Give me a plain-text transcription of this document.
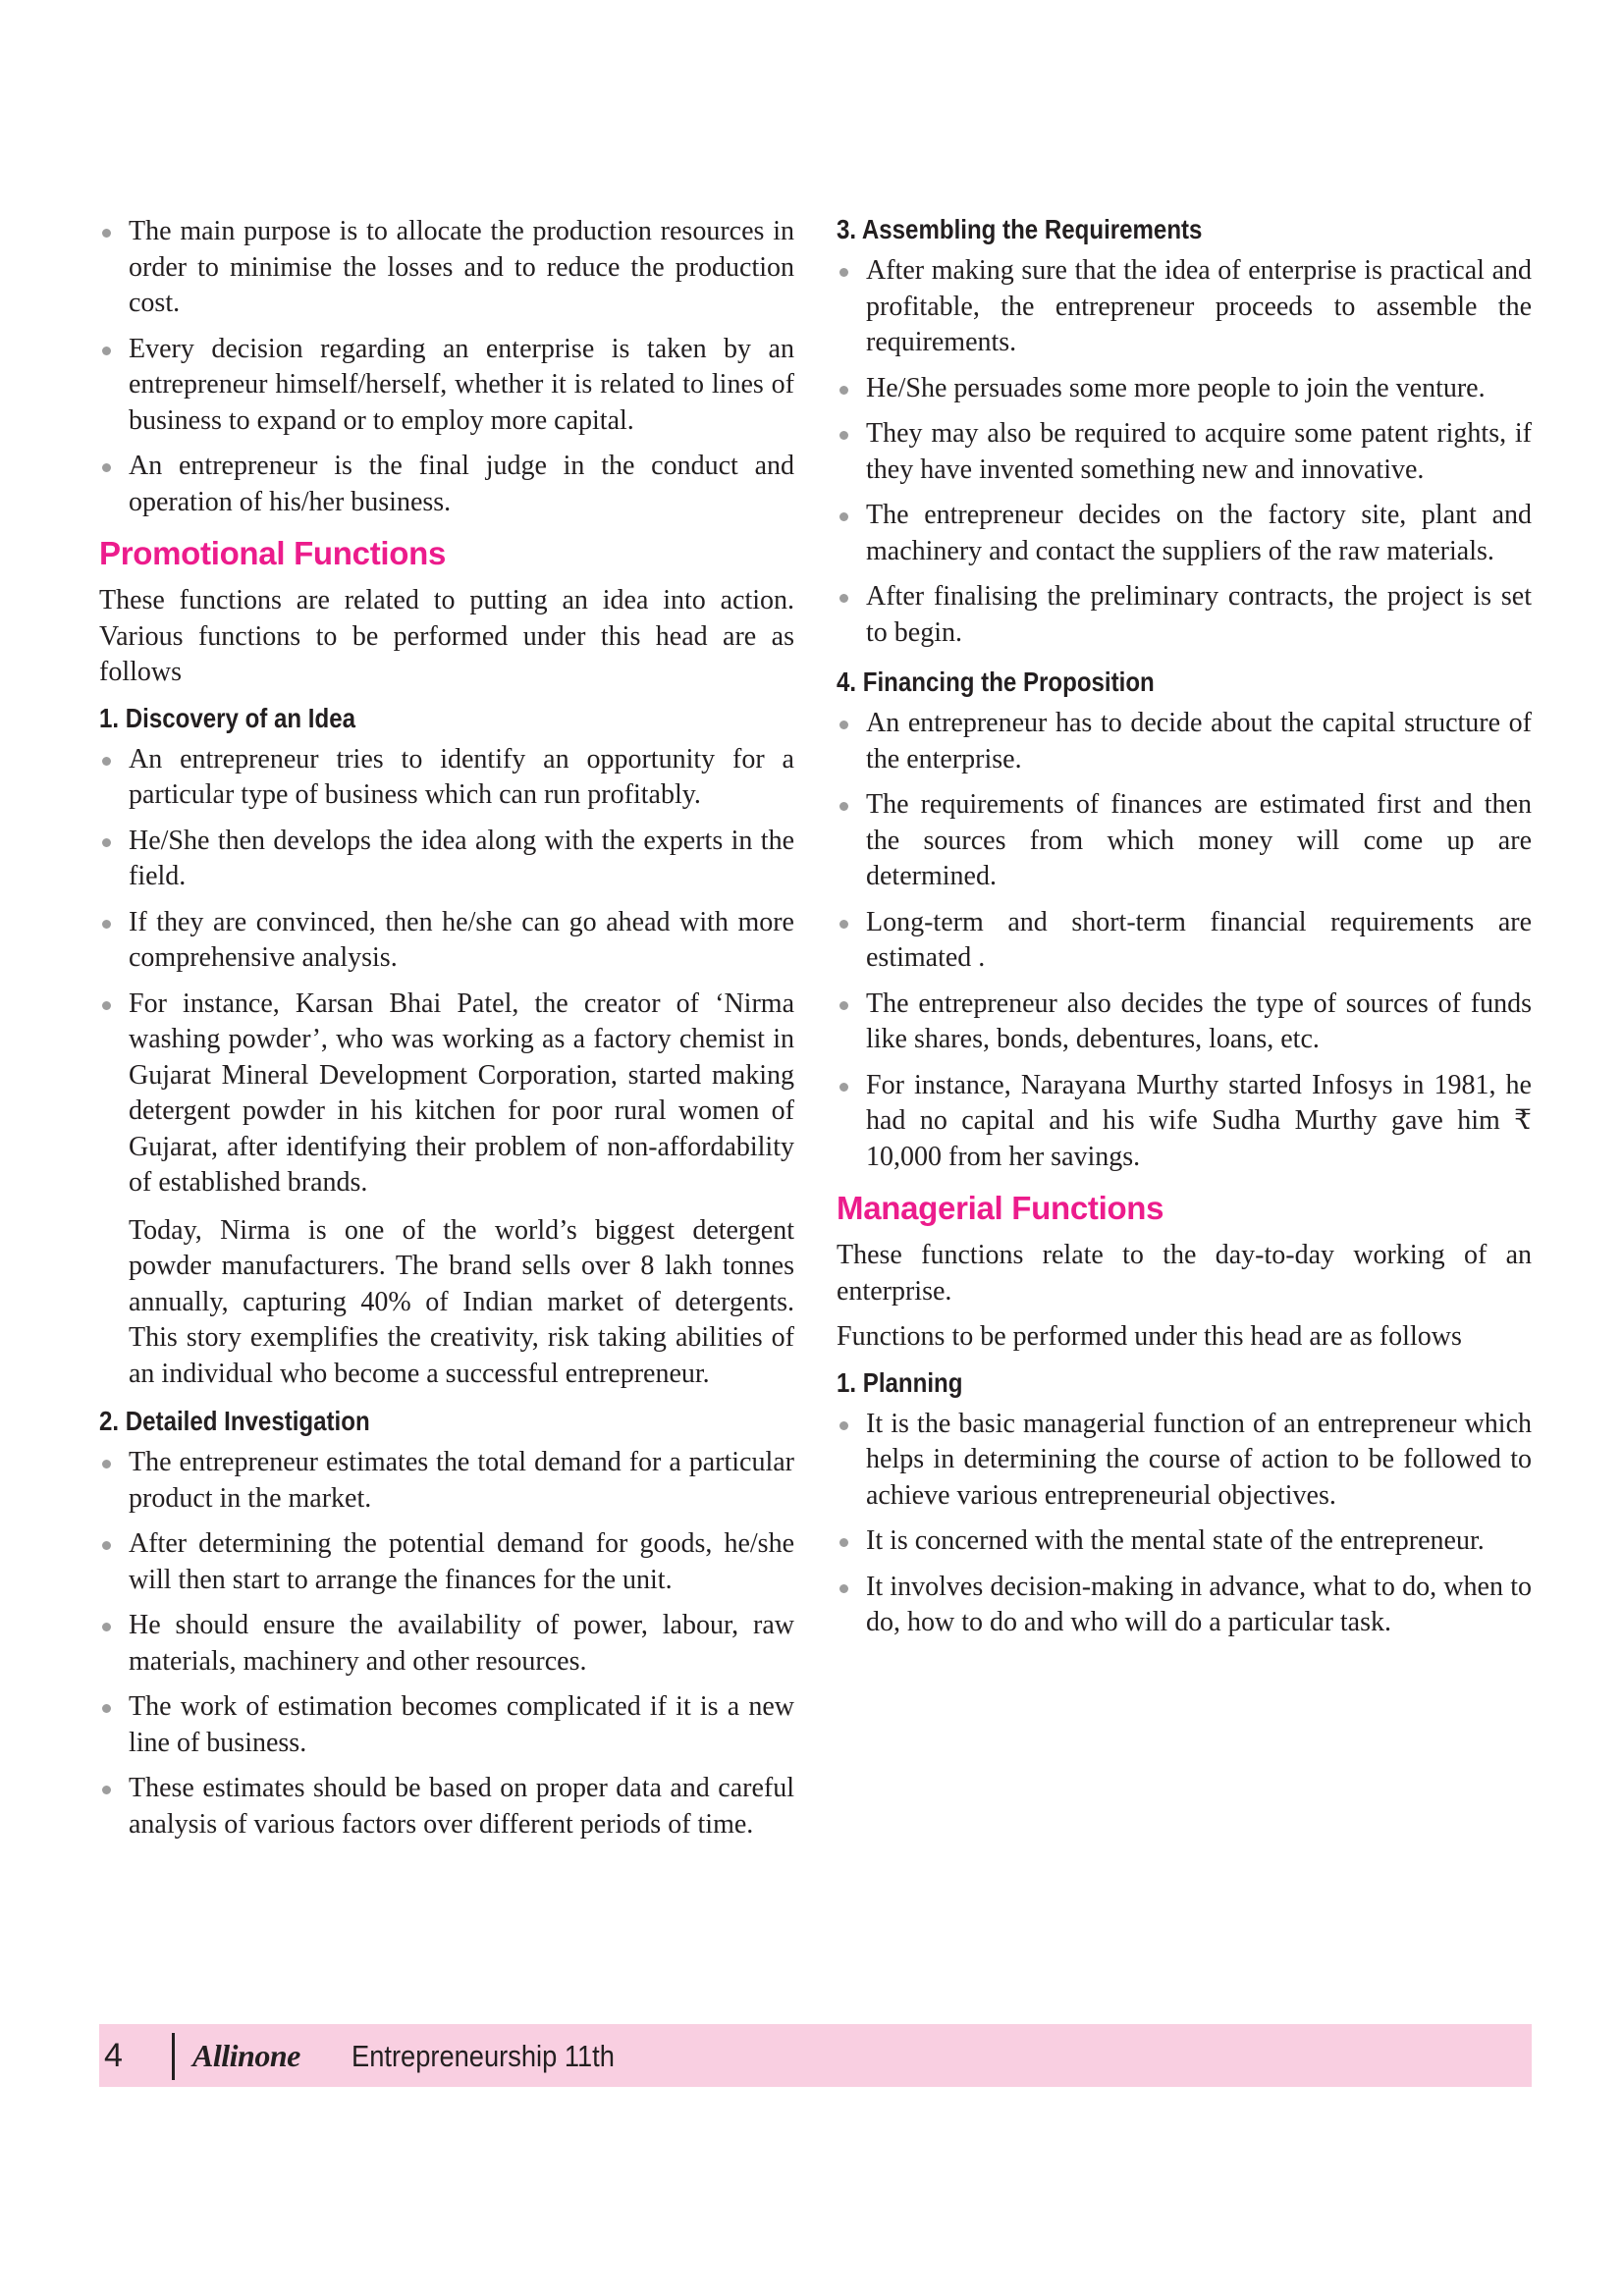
The main purpose is to allocate the production resources in order to minimise the losses and to reduce the production cost.
Every decision regarding an enterprise is taken by an entrepreneur himself/herself, whether it is related to lines of business to expand or to employ more capital.
An entrepreneur is the final judge in the conduct and operation of his/her business.
Promotional Functions

These functions are related to putting an idea into action. Various functions to be performed under this head are as follows

1. Discovery of an Idea
An entrepreneur tries to identify an opportunity for a particular type of business which can run profitably.
He/She then develops the idea along with the experts in the field.
If they are convinced, then he/she can go ahead with more comprehensive analysis.
For instance, Karsan Bhai Patel, the creator of ‘Nirma washing powder’, who was working as a factory chemist in Gujarat Mineral Development Corporation, started making detergent powder in his kitchen for poor rural women of Gujarat, after identifying their problem of non-affordability of established brands.

Today, Nirma is one of the world’s biggest detergent powder manufacturers. The brand sells over 8 lakh tonnes annually, capturing 40% of Indian market of detergents. This story exemplifies the creativity, risk taking abilities of an individual who become a successful entrepreneur.

2. Detailed Investigation
The entrepreneur estimates the total demand for a particular product in the market.
After determining the potential demand for goods, he/she will then start to arrange the finances for the unit.
He should ensure the availability of power, labour, raw materials, machinery and other resources.
The work of estimation becomes complicated if it is a new line of business.
These estimates should be based on proper data and careful analysis of various factors over different periods of time.
3. Assembling the Requirements
After making sure that the idea of enterprise is practical and profitable, the entrepreneur proceeds to assemble the requirements.
He/She persuades some more people to join the venture.
They may also be required to acquire some patent rights, if they have invented something new and innovative.
The entrepreneur decides on the factory site, plant and machinery and contact the suppliers of the raw materials.
After finalising the preliminary contracts, the project is set to begin.
4. Financing the Proposition
An entrepreneur has to decide about the capital structure of the enterprise.
The requirements of finances are estimated first and then the sources from which money will come up are determined.
Long-term and short-term financial requirements are estimated .
The entrepreneur also decides the type of sources of funds like shares, bonds, debentures, loans, etc.
For instance, Narayana Murthy started Infosys in 1981, he had no capital and his wife Sudha Murthy gave him ₹ 10,000 from her savings.
Managerial Functions

These functions relate to the day-to-day working of an enterprise.

Functions to be performed under this head are as follows

1. Planning
It is the basic managerial function of an entrepreneur which helps in determining the course of action to be followed to achieve various entrepreneurial objectives.
It is concerned with the mental state of the entrepreneur.
It involves decision-making in advance, what to do, when to do, how to do and who will do a particular task.
4 Allinone Entrepreneurship 11th
